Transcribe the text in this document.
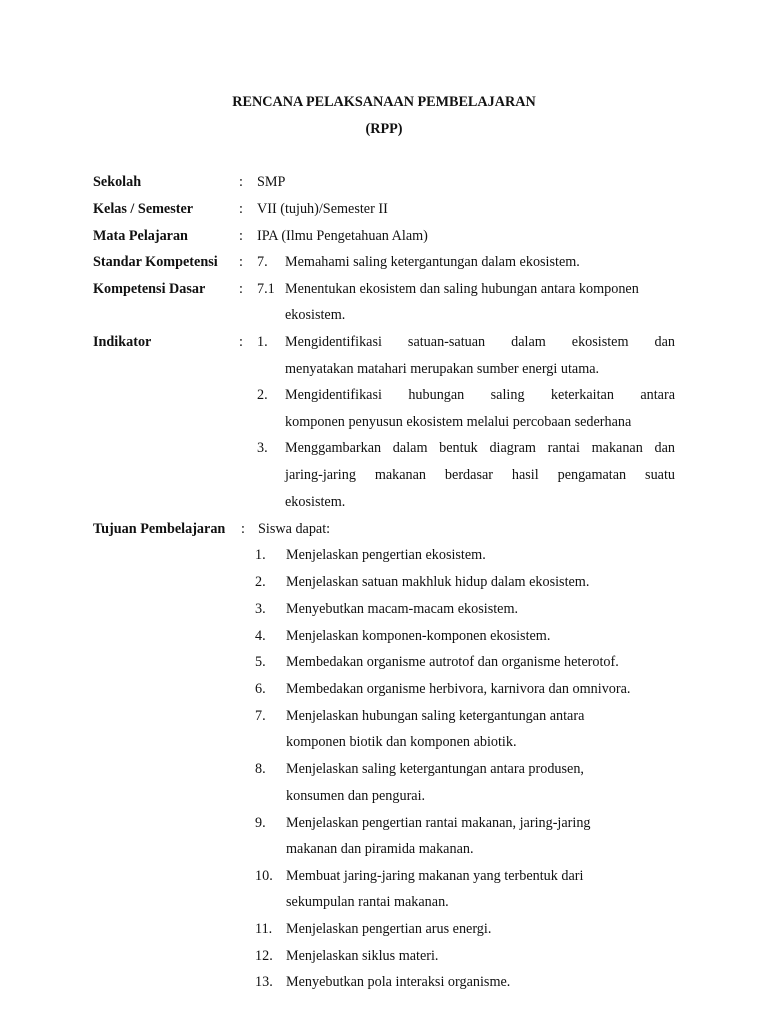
RENCANA PELAKSANAAN PEMBELAJARAN
(RPP)
Sekolah	: SMP
Kelas / Semester	: VII (tujuh)/Semester II
Mata Pelajaran	: IPA (Ilmu Pengetahuan Alam)
Standar Kompetensi : 7. Memahami saling ketergantungan dalam ekosistem.
Kompetensi Dasar : 7.1 Menentukan ekosistem dan saling hubungan antara komponen
ekosistem.
Indikator	: 1. Mengidentifikasi satuan-satuan dalam ekosistem dan
menyatakan matahari merupakan sumber energi utama.
2. Mengidentifikasi hubungan saling keterkaitan antara
komponen penyusun ekosistem melalui percobaan sederhana
3. Menggambarkan dalam bentuk diagram rantai makanan dan
jaring-jaring makanan berdasar hasil pengamatan suatu
ekosistem.
Tujuan Pembelajaran : Siswa dapat:
1. Menjelaskan pengertian ekosistem.
2. Menjelaskan satuan makhluk hidup dalam ekosistem.
3. Menyebutkan macam-macam ekosistem.
4. Menjelaskan komponen-komponen ekosistem.
5. Membedakan organisme autrotof dan organisme heterotof.
6. Membedakan organisme herbivora, karnivora dan omnivora.
7. Menjelaskan hubungan saling ketergantungan antara
komponen biotik dan komponen abiotik.
8. Menjelaskan saling ketergantungan antara produsen,
konsumen dan pengurai.
9. Menjelaskan pengertian rantai makanan, jaring-jaring
makanan dan piramida makanan.
10. Membuat jaring-jaring makanan yang terbentuk dari
sekumpulan rantai makanan.
11. Menjelaskan pengertian arus energi.
12. Menjelaskan siklus materi.
13. Menyebutkan pola interaksi organisme.
